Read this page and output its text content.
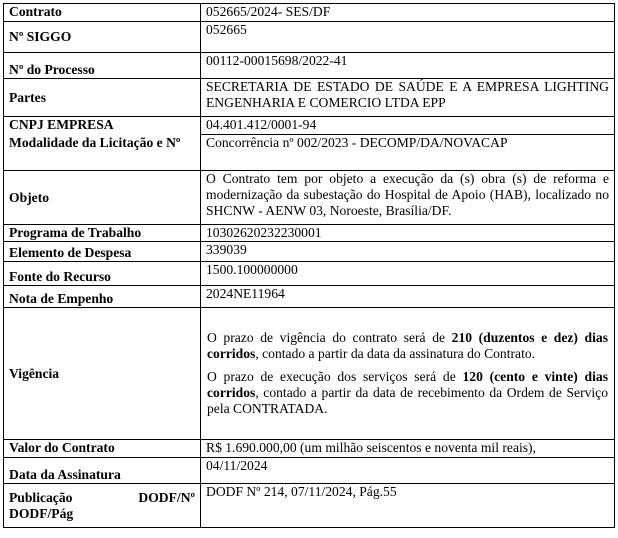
Contrato	052665/2024- SES/DF
Nº SIGGO	052665
Nº do Processo	00112-00015698/2022-41
Partes	SECRETARIA DE ESTADO DE SAÚDE E A EMPRESA LIGHTING ENGENHARIA E COMERCIO LTDA EPP
CNPJ EMPRESA	04.401.412/0001-94
Modalidade da Licitação e Nº	Concorrência nº 002/2023 - DECOMP/DA/NOVACAP
Objeto	O Contrato tem por objeto a execução da (s) obra (s) de reforma e modernização da subestação do Hospital de Apoio (HAB), localizado no SHCNW - AENW 03, Noroeste, Brasília/DF.
Programa de Trabalho	10302620232230001
Elemento de Despesa	339039
Fonte do Recurso	1500.100000000
Nota de Empenho	2024NE11964
Vigência	O prazo de vigência do contrato será de 210 (duzentos e dez) dias corridos, contado a partir da data da assinatura do Contrato.

O prazo de execução dos serviços será de 120 (cento e vinte) dias corridos, contado a partir da data de recebimento da Ordem de Serviço pela CONTRATADA.

Valor do Contrato	R$ 1.690.000,00 (um milhão seiscentos e noventa mil reais),
Data da Assinatura	04/11/2024

Publicação DODF/Nº
DODF/Pág	DODF Nº 214, 07/11/2024, Pág.55
